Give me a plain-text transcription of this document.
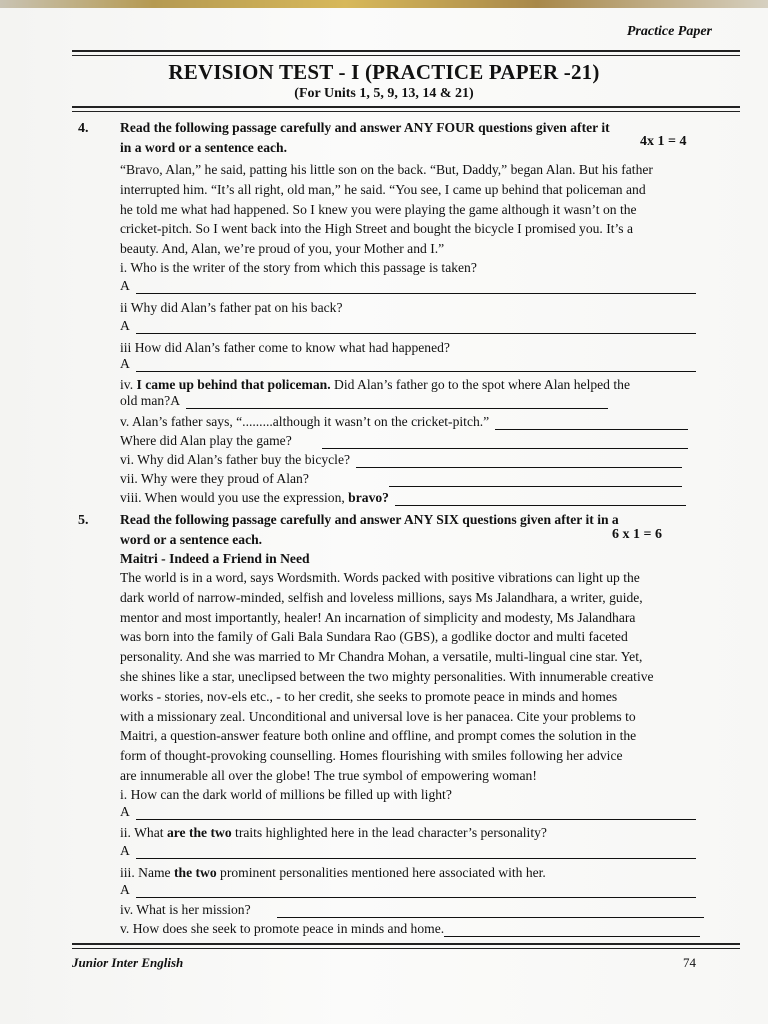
Practice Paper
REVISION TEST - I (PRACTICE PAPER -21)
(For Units 1, 5, 9, 13, 14 & 21)
4. Read the following passage carefully and answer ANY FOUR questions given after it
in a word or a sentence each.	4x 1 = 4
“Bravo, Alan,” he said, patting his little son on the back. “But, Daddy,” began Alan. But his father
interrupted him. “It’s all right, old man,” he said. “You see, I came up behind that policeman and
he told me what had happened. So I knew you were playing the game although it wasn’t on the
cricket-pitch. So I went back into the High Street and bought the bicycle I promised you. It’s a
beauty. And, Alan, we’re proud of you, your Mother and I.”
i. Who is the writer of the story from which this passage is taken?
A
ii Why did Alan’s father pat on his back?
A
iii How did Alan’s father come to know what had happened?
A
iv. I came up behind that policeman. Did Alan’s father go to the spot where Alan helped the
old man?A
v. Alan’s father says, “.........although it wasn’t on the cricket-pitch.”
Where did Alan play the game?
vi. Why did Alan’s father buy the bicycle?
vii. Why were they proud of Alan?
viii. When would you use the expression, bravo?
5. Read the following passage carefully and answer ANY SIX questions given after it in a
word or a sentence each.	6 x 1 = 6
Maitri - Indeed a Friend in Need
The world is in a word, says Wordsmith. Words packed with positive vibrations can light up the
dark world of narrow-minded, selfish and loveless millions, says Ms Jalandhara, a writer, guide,
mentor and most importantly, healer! An incarnation of simplicity and modesty, Ms Jalandhara
was born into the family of Gali Bala Sundara Rao (GBS), a godlike doctor and multi faceted
personality. And she was married to Mr Chandra Mohan, a versatile, multi-lingual cine star. Yet,
she shines like a star, uneclipsed between the two mighty personalities. With innumerable creative
works - stories, nov-els etc., - to her credit, she seeks to promote peace in minds and homes
with a missionary zeal. Unconditional and universal love is her panacea. Cite your problems to
Maitri, a question-answer feature both online and offline, and prompt comes the solution in the
form of thought-provoking counselling. Homes flourishing with smiles following her advice
are innumerable all over the globe! The true symbol of empowering woman!
i. How can the dark world of millions be filled up with light?
A
ii. What are the two traits highlighted here in the lead character’s personality?
A
iii. Name the two prominent personalities mentioned here associated with her.
A
iv. What is her mission?
v. How does she seek to promote peace in minds and home.
Junior Inter English	74
